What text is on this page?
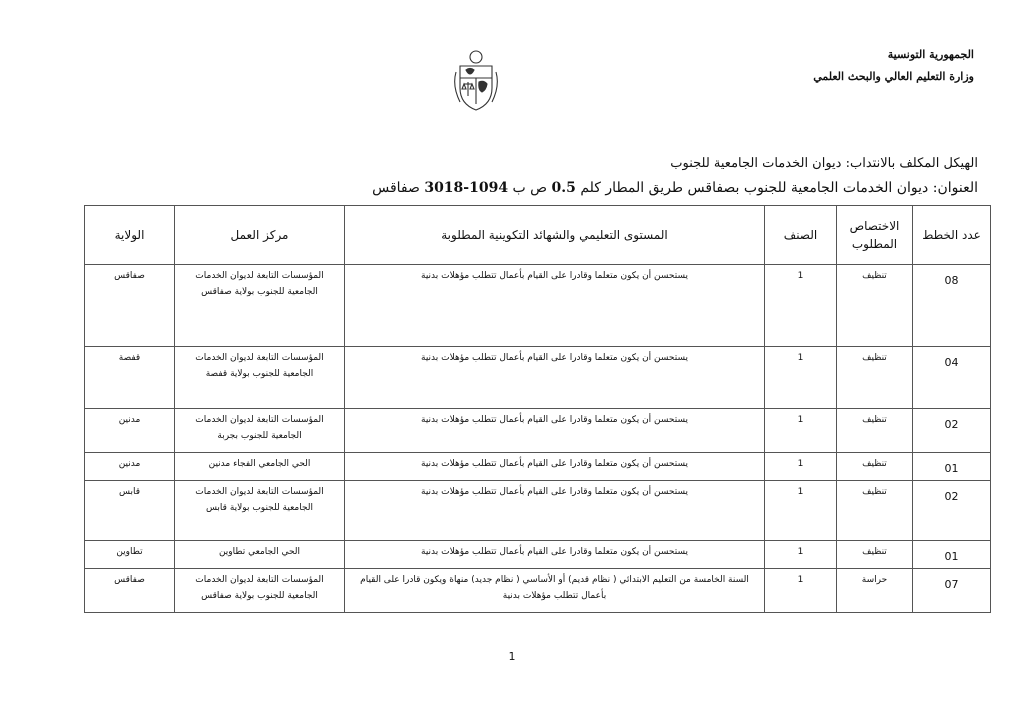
الجمهورية التونسية
وزارة التعليم العالي والبحث العلمي
الهيكل المكلف بالانتداب: ديوان الخدمات الجامعية للجنوب
العنوان: ديوان الخدمات الجامعية للجنوب بصفاقس طريق المطار كلم 0.5 ص ب 1094-3018 صفاقس
عدد الخطط	الاختصاص المطلوب	الصنف	المستوى التعليمي والشهائد التكوينية المطلوبة	مركز العمل	الولاية
08	تنظيف	1	يستحسن أن يكون متعلما وقادرا على القيام بأعمال تتطلب مؤهلات بدنية	المؤسسات التابعة لديوان الخدمات الجامعية للجنوب بولاية صفاقس	صفاقس
04	تنظيف	1	يستحسن أن يكون متعلما وقادرا على القيام بأعمال تتطلب مؤهلات بدنية	المؤسسات التابعة لديوان الخدمات الجامعية للجنوب بولاية قفصة	قفصة
02	تنظيف	1	يستحسن أن يكون متعلما وقادرا على القيام بأعمال تتطلب مؤهلات بدنية	المؤسسات التابعة لديوان الخدمات الجامعية للجنوب بجربة	مدنين
01	تنظيف	1	يستحسن أن يكون متعلما وقادرا على القيام بأعمال تتطلب مؤهلات بدنية	الحي الجامعي الفجاء مدنين	مدنين
02	تنظيف	1	يستحسن أن يكون متعلما وقادرا على القيام بأعمال تتطلب مؤهلات بدنية	المؤسسات التابعة لديوان الخدمات الجامعية للجنوب بولاية قابس	قابس
01	تنظيف	1	يستحسن أن يكون متعلما وقادرا على القيام بأعمال تتطلب مؤهلات بدنية	الحي الجامعي تطاوين	تطاوين
07	حراسة	1	السنة الخامسة من التعليم الابتدائي ( نظام قديم) أو الأساسي ( نظام جديد) منهاة ويكون قادرا على القيام بأعمال تتطلب مؤهلات بدنية	المؤسسات التابعة لديوان الخدمات الجامعية للجنوب بولاية صفاقس	صفاقس
1
